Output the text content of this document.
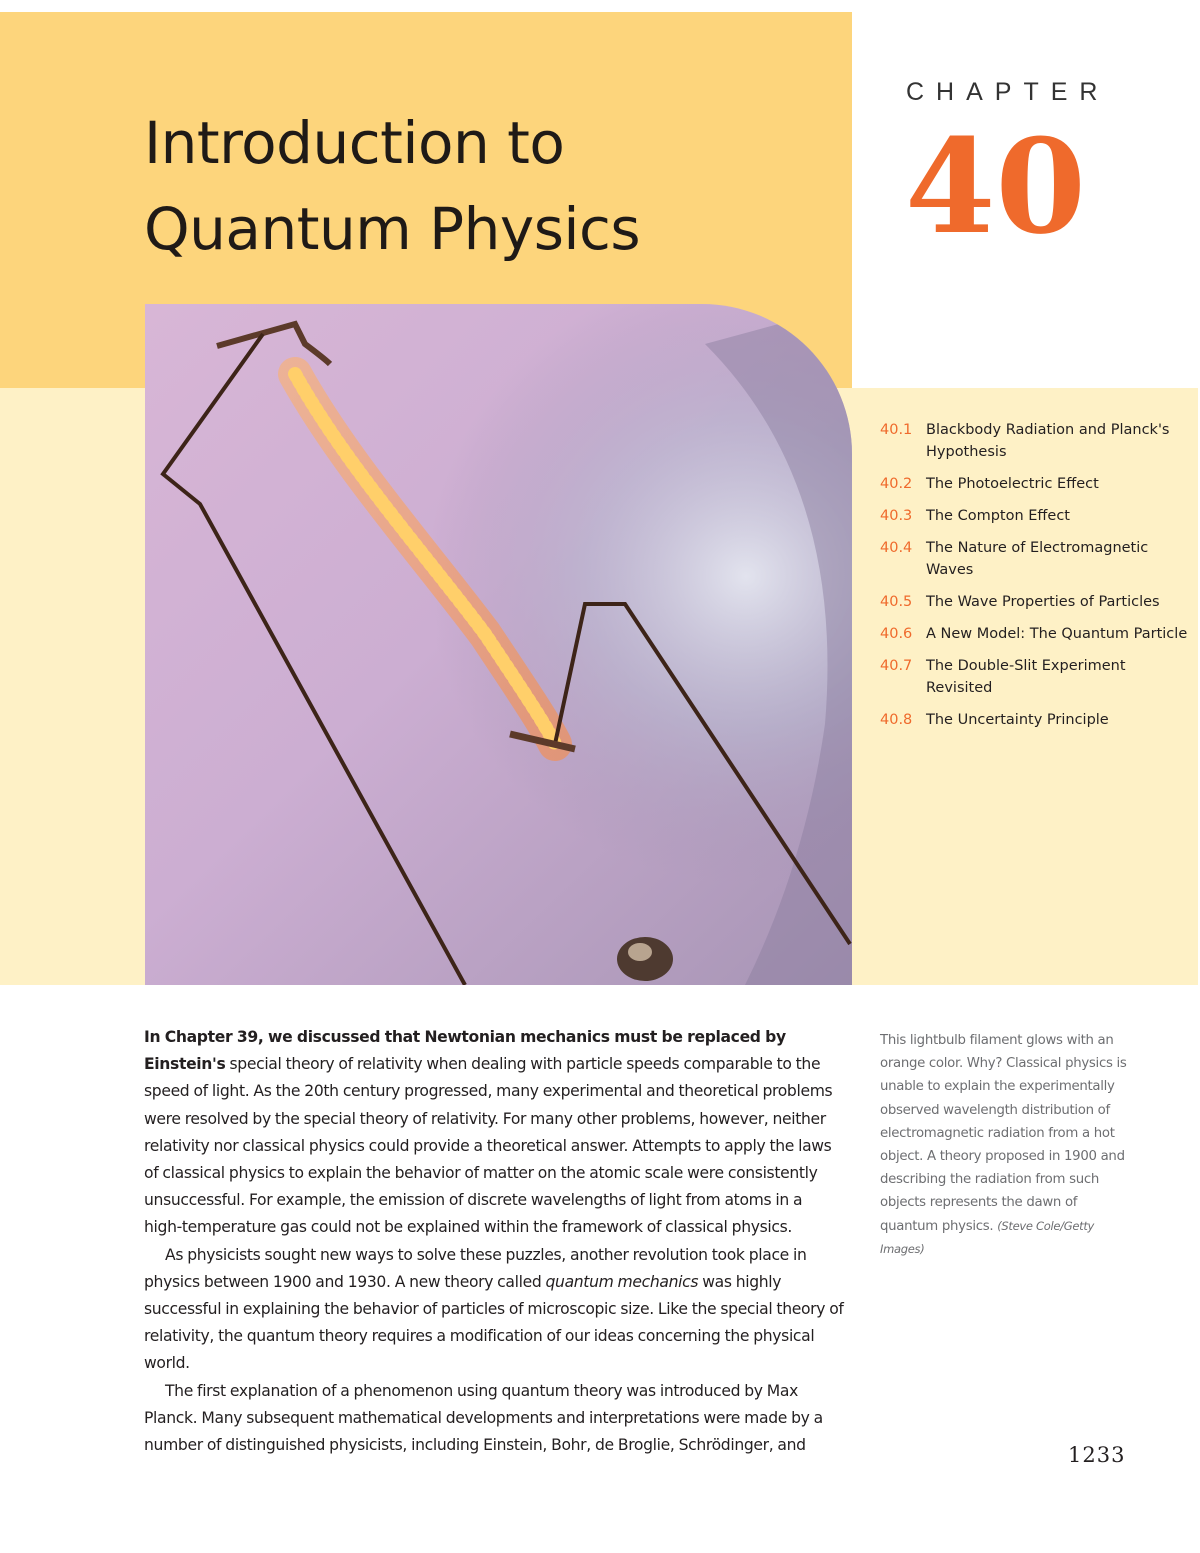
Introduction to
Quantum Physics
CHAPTER
40
40.1 Blackbody Radiation and Planck's Hypothesis
40.2 The Photoelectric Effect
40.3 The Compton Effect
40.4 The Nature of Electromagnetic Waves
40.5 The Wave Properties of Particles
40.6 A New Model: The Quantum Particle
40.7 The Double-Slit Experiment Revisited
40.8 The Uncertainty Principle

In Chapter 39, we discussed that Newtonian mechanics must be replaced by Einstein's special theory of relativity when dealing with particle speeds comparable to the speed of light. As the 20th century progressed, many experimental and theoretical problems were resolved by the special theory of relativity. For many other problems, however, neither relativity nor classical physics could provide a theoretical answer. Attempts to apply the laws of classical physics to explain the behavior of matter on the atomic scale were consistently unsuccessful. For example, the emission of discrete wavelengths of light from atoms in a high-temperature gas could not be explained within the framework of classical physics.

As physicists sought new ways to solve these puzzles, another revolution took place in physics between 1900 and 1930. A new theory called quantum mechanics was highly successful in explaining the behavior of particles of microscopic size. Like the special theory of relativity, the quantum theory requires a modification of our ideas concerning the physical world.

The first explanation of a phenomenon using quantum theory was introduced by Max Planck. Many subsequent mathematical developments and interpretations were made by a number of distinguished physicists, including Einstein, Bohr, de Broglie, Schrödinger, and

This lightbulb filament glows with an orange color. Why? Classical physics is unable to explain the experimentally observed wavelength distribution of electromagnetic radiation from a hot object. A theory proposed in 1900 and describing the radiation from such objects represents the dawn of quantum physics. (Steve Cole/Getty Images)

1233
